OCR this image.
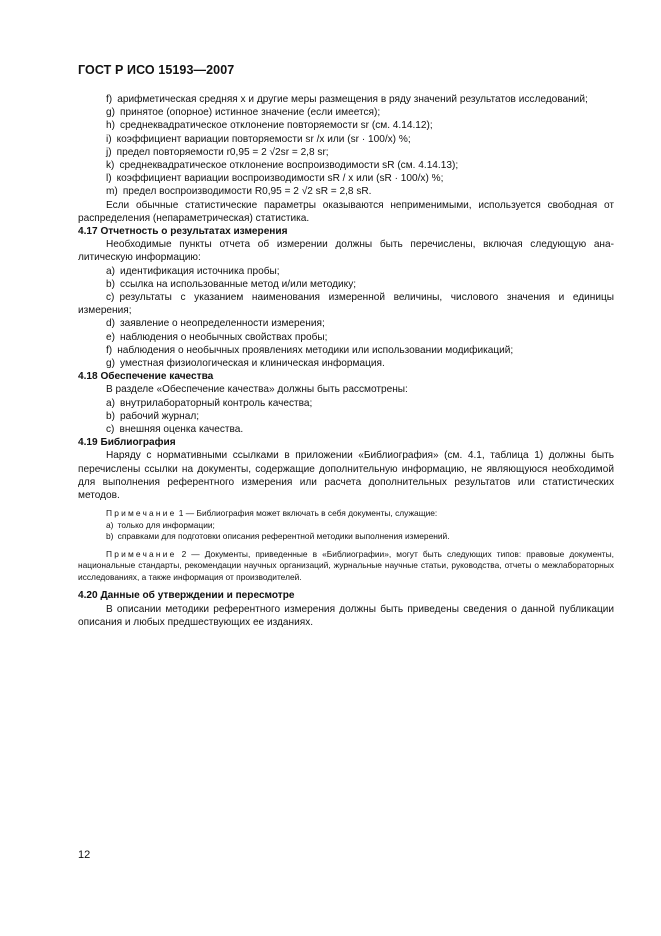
ГОСТ Р ИСО 15193—2007

f) арифметическая средняя x и другие меры размещения в ряду значений результатов исследований;

g) принятое (опорное) истинное значение (если имеется);

h) среднеквадратическое отклонение повторяемости sr (см. 4.14.12);

i) коэффициент вариации повторяемости sr /x или (sr · 100/x) %;

j) предел повторяемости r0,95 = 2 √2sr = 2,8 sr;

k) среднеквадратическое отклонение воспроизводимости sR (см. 4.14.13);

l) коэффициент вариации воспроизводимости sR / x или (sR · 100/x) %;

m) предел воспроизводимости R0,95 = 2 √2 sR = 2,8 sR.

Если обычные статистические параметры оказываются неприменимыми, используется свободная от распределения (непараметрическая) статистика.

4.17 Отчетность о результатах измерения

Необходимые пункты отчета об измерении должны быть перечислены, включая следующую аналитическую информацию:

a) идентификация источника пробы;

b) ссылка на использованные метод и/или методику;

c) результаты с указанием наименования измеренной величины, числового значения и единицы измерения;

d) заявление о неопределенности измерения;

e) наблюдения о необычных свойствах пробы;

f) наблюдения о необычных проявлениях методики или использовании модификаций;

g) уместная физиологическая и клиническая информация.

4.18 Обеспечение качества

В разделе «Обеспечение качества» должны быть рассмотрены:

a) внутрилабораторный контроль качества;

b) рабочий журнал;

c) внешняя оценка качества.

4.19 Библиография

Наряду с нормативными ссылками в приложении «Библиография» (см. 4.1, таблица 1) должны быть перечислены ссылки на документы, содержащие дополнительную информацию, не являющуюся необходимой для выполнения референтного измерения или расчета дополнительных результатов или статистических методов.

Примечание 1 — Библиография может включать в себя документы, служащие:

a) только для информации;

b) справками для подготовки описания референтной методики выполнения измерений.

Примечание 2 — Документы, приведенные в «Библиографии», могут быть следующих типов: правовые документы, национальные стандарты, рекомендации научных организаций, журнальные научные статьи, руководства, отчеты о межлабораторных исследованиях, а также информация от производителей.

4.20 Данные об утверждении и пересмотре

В описании методики референтного измерения должны быть приведены сведения о данной публикации описания и любых предшествующих ее изданиях.

12
